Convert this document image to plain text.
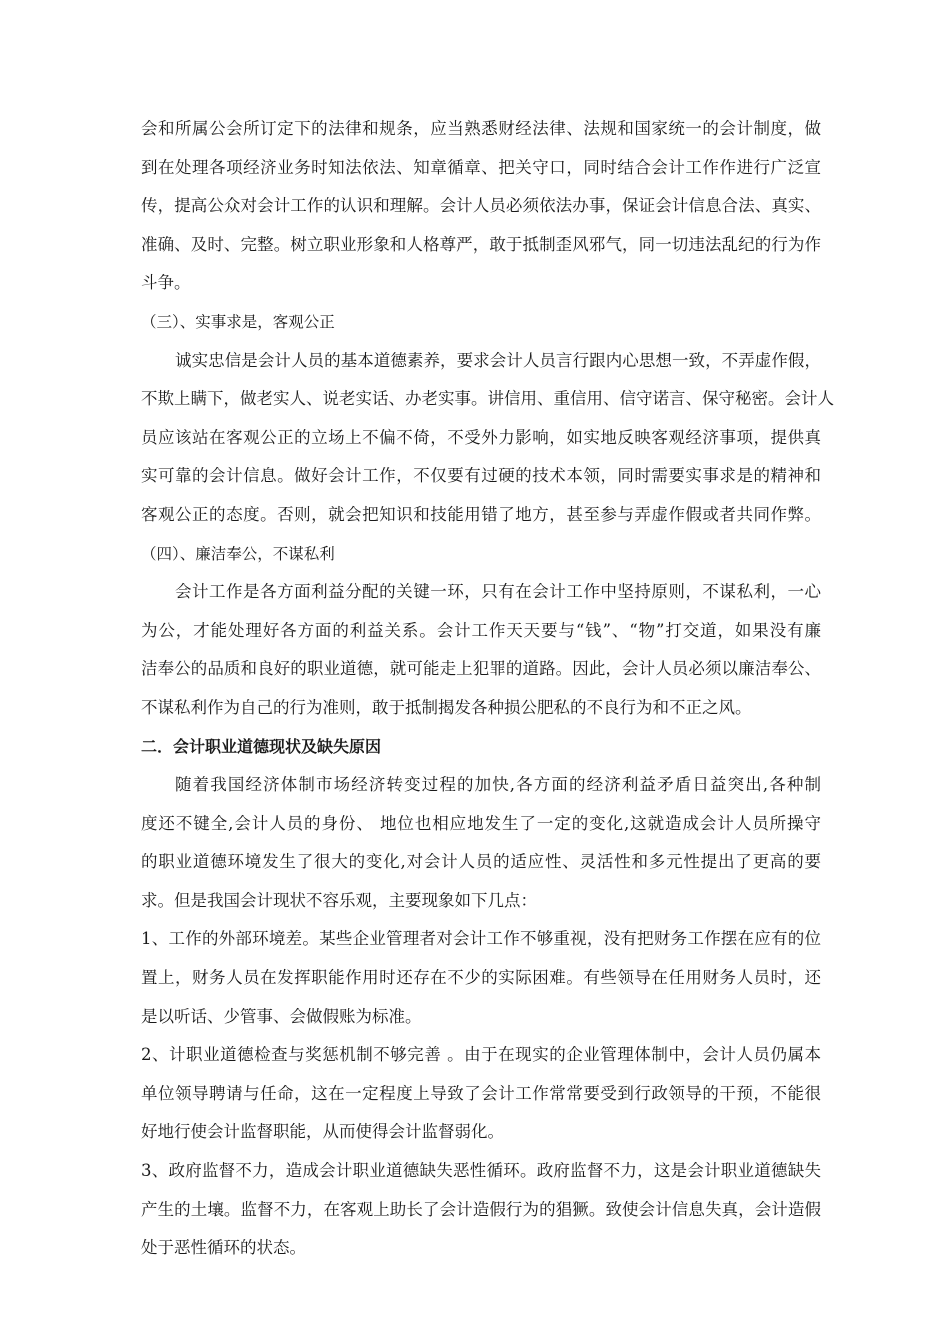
会和所属公会所订定下的法律和规条，应当熟悉财经法律、法规和国家统一的会计制度，做
到在处理各项经济业务时知法依法、知章循章、把关守口，同时结合会计工作作进行广泛宣
传，提高公众对会计工作的认识和理解。会计人员必须依法办事，保证会计信息合法、真实、
准确、及时、完整。树立职业形象和人格尊严，敢于抵制歪风邪气，同一切违法乱纪的行为作
斗争。
（三）、实事求是，客观公正
诚实忠信是会计人员的基本道德素养，要求会计人员言行跟内心思想一致，不弄虚作假，
不欺上瞒下，做老实人、说老实话、办老实事。讲信用、重信用、信守诺言、保守秘密。会计人
员应该站在客观公正的立场上不偏不倚，不受外力影响，如实地反映客观经济事项，提供真
实可靠的会计信息。做好会计工作，不仅要有过硬的技术本领，同时需要实事求是的精神和
客观公正的态度。否则，就会把知识和技能用错了地方，甚至参与弄虚作假或者共同作弊。
（四）、廉洁奉公，不谋私利
会计工作是各方面利益分配的关键一环，只有在会计工作中坚持原则，不谋私利，一心
为公，才能处理好各方面的利益关系。会计工作天天要与“钱”、“物”打交道，如果没有廉
洁奉公的品质和良好的职业道德，就可能走上犯罪的道路。因此，会计人员必须以廉洁奉公、
不谋私利作为自己的行为准则，敢于抵制揭发各种损公肥私的不良行为和不正之风。
二．会计职业道德现状及缺失原因
随着我国经济体制市场经济转变过程的加快,各方面的经济利益矛盾日益突出,各种制
度还不键全,会计人员的身份、 地位也相应地发生了一定的变化,这就造成会计人员所操守
的职业道德环境发生了很大的变化,对会计人员的适应性、灵活性和多元性提出了更高的要
求。但是我国会计现状不容乐观，主要现象如下几点：
1、工作的外部环境差。某些企业管理者对会计工作不够重视，没有把财务工作摆在应有的位
置上，财务人员在发挥职能作用时还存在不少的实际困难。有些领导在任用财务人员时，还
是以听话、少管事、会做假账为标准。
2、计职业道德检查与奖惩机制不够完善 。由于在现实的企业管理体制中，会计人员仍属本
单位领导聘请与任命，这在一定程度上导致了会计工作常常要受到行政领导的干预，不能很
好地行使会计监督职能，从而使得会计监督弱化。
3、政府监督不力，造成会计职业道德缺失恶性循环。政府监督不力，这是会计职业道德缺失
产生的土壤。监督不力，在客观上助长了会计造假行为的猖獗。致使会计信息失真，会计造假
处于恶性循环的状态。
